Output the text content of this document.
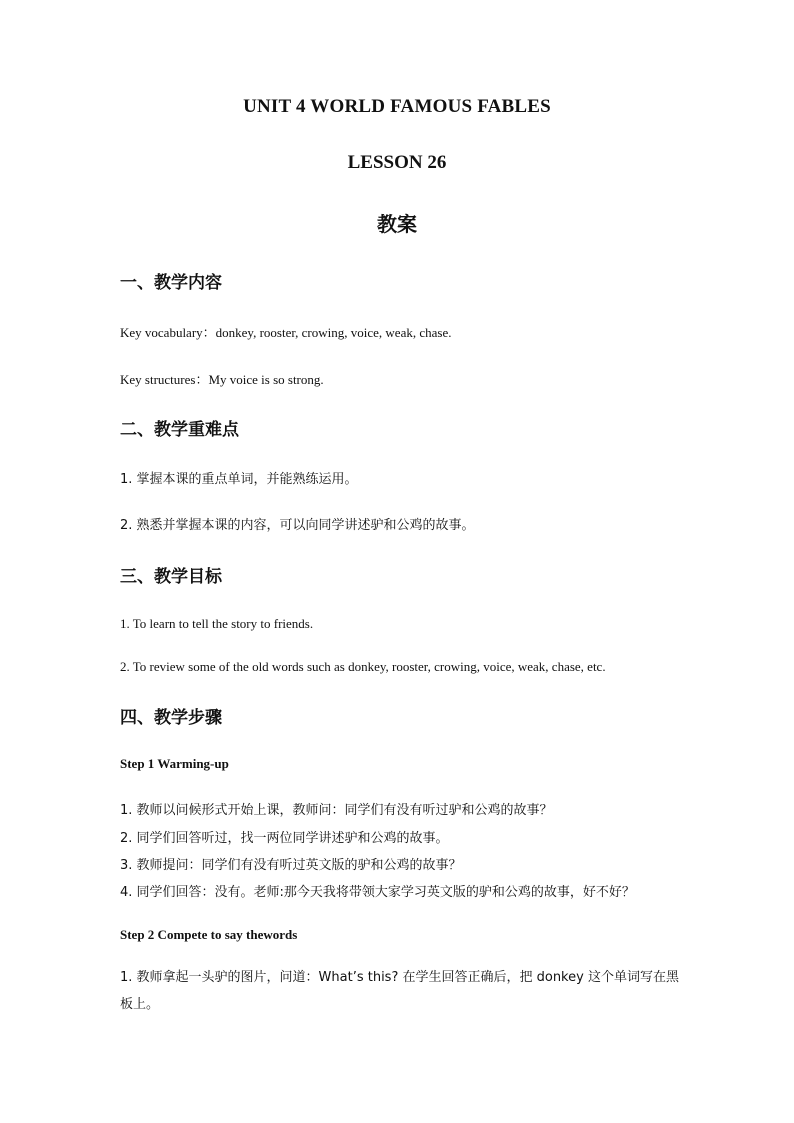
UNIT 4 WORLD FAMOUS FABLES
LESSON 26
教案
一、教学内容

Key vocabulary：donkey, rooster, crowing, voice, weak, chase.

Key structures：My voice is so strong.

二、教学重难点

1. 掌握本课的重点单词，并能熟练运用。

2. 熟悉并掌握本课的内容，可以向同学讲述驴和公鸡的故事。

三、教学目标

1. To learn to tell the story to friends.

2. To review some of the old words such as donkey, rooster, crowing, voice, weak, chase, etc.

四、教学步骤

Step 1 Warming-up

1. 教师以问候形式开始上课，教师问：同学们有没有听过驴和公鸡的故事？

2. 同学们回答听过，找一两位同学讲述驴和公鸡的故事。

3. 教师提问：同学们有没有听过英文版的驴和公鸡的故事？

4. 同学们回答：没有。老师:那今天我将带领大家学习英文版的驴和公鸡的故事，好不好？

Step 2 Compete to say thewords

1. 教师拿起一头驴的图片，问道：What’s this? 在学生回答正确后，把 donkey 这个单词写在黑板上。
